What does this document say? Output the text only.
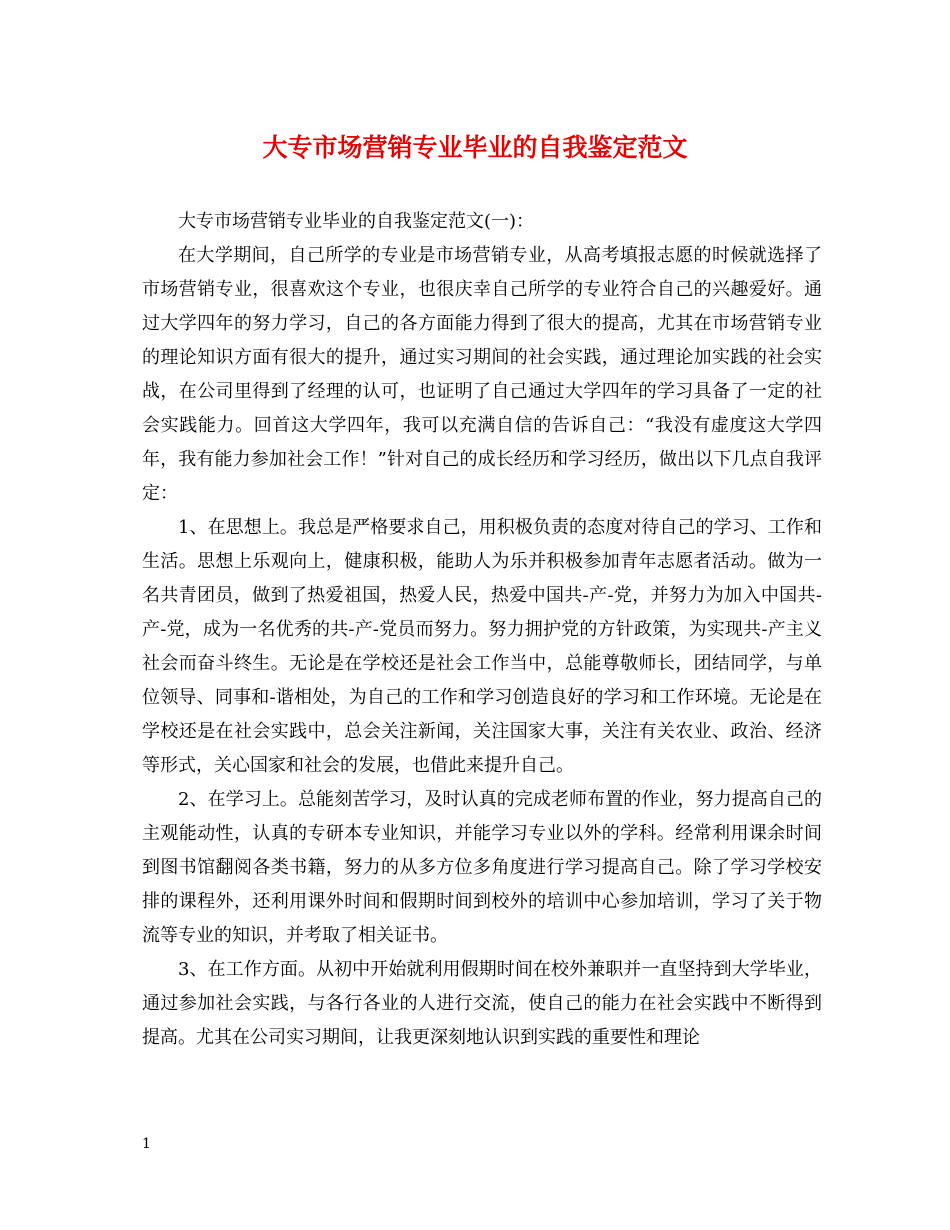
大专市场营销专业毕业的自我鉴定范文

大专市场营销专业毕业的自我鉴定范文(一)：

在大学期间，自己所学的专业是市场营销专业，从高考填报志愿的时候就选择了市场营销专业，很喜欢这个专业，也很庆幸自己所学的专业符合自己的兴趣爱好。通过大学四年的努力学习，自己的各方面能力得到了很大的提高，尤其在市场营销专业的理论知识方面有很大的提升，通过实习期间的社会实践，通过理论加实践的社会实战，在公司里得到了经理的认可，也证明了自己通过大学四年的学习具备了一定的社会实践能力。回首这大学四年，我可以充满自信的告诉自己：“我没有虚度这大学四年，我有能力参加社会工作！”针对自己的成长经历和学习经历，做出以下几点自我评定：

1、在思想上。我总是严格要求自己，用积极负责的态度对待自己的学习、工作和生活。思想上乐观向上，健康积极，能助人为乐并积极参加青年志愿者活动。做为一名共青团员，做到了热爱祖国，热爱人民，热爱中国共-产-党，并努力为加入中国共-产-党，成为一名优秀的共-产-党员而努力。努力拥护党的方针政策，为实现共-产主义社会而奋斗终生。无论是在学校还是社会工作当中，总能尊敬师长，团结同学，与单位领导、同事和-谐相处，为自己的工作和学习创造良好的学习和工作环境。无论是在学校还是在社会实践中，总会关注新闻，关注国家大事，关注有关农业、政治、经济等形式，关心国家和社会的发展，也借此来提升自己。

2、在学习上。总能刻苦学习，及时认真的完成老师布置的作业，努力提高自己的主观能动性，认真的专研本专业知识，并能学习专业以外的学科。经常利用课余时间到图书馆翻阅各类书籍，努力的从多方位多角度进行学习提高自己。除了学习学校安排的课程外，还利用课外时间和假期时间到校外的培训中心参加培训，学习了关于物流等专业的知识，并考取了相关证书。

3、在工作方面。从初中开始就利用假期时间在校外兼职并一直坚持到大学毕业，通过参加社会实践，与各行各业的人进行交流，使自己的能力在社会实践中不断得到提高。尤其在公司实习期间，让我更深刻地认识到实践的重要性和理论

1
